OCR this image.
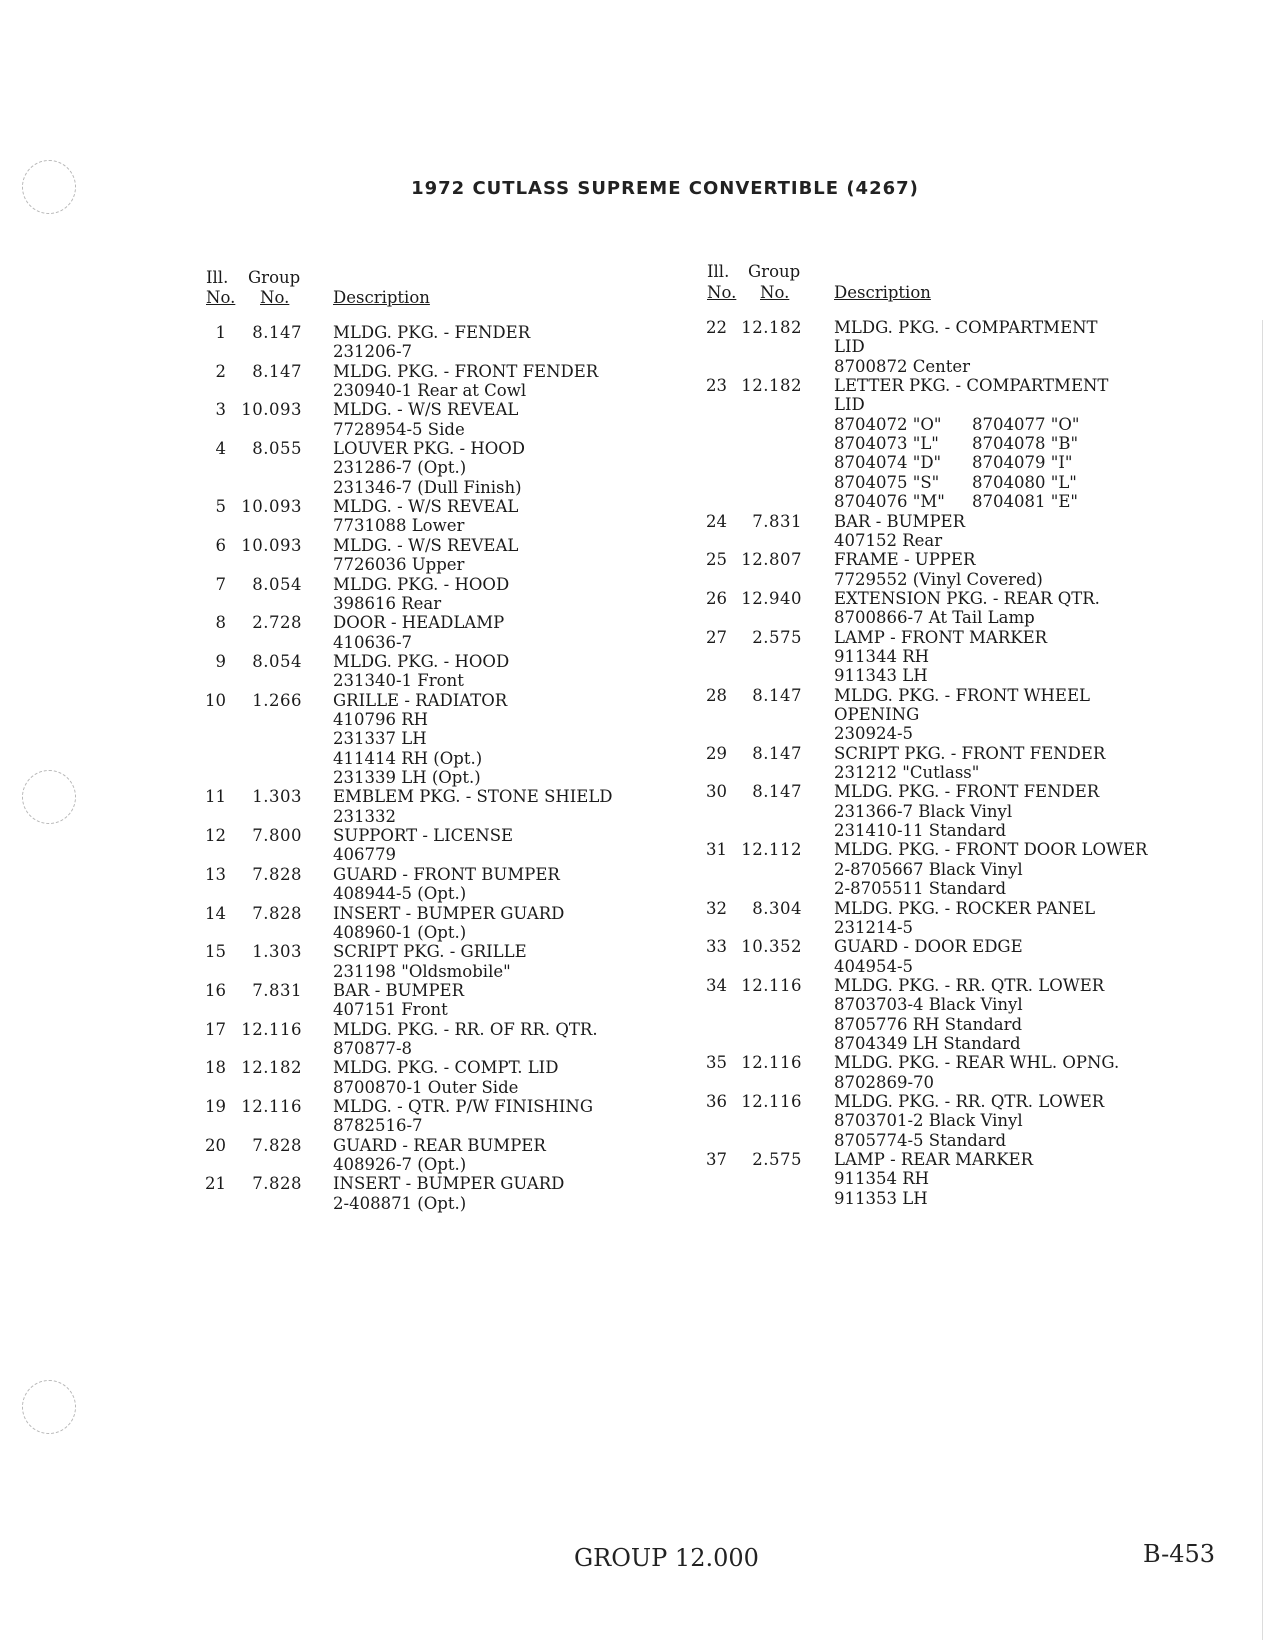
1972 CUTLASS SUPREME CONVERTIBLE (4267)
Ill.
No.
Group
No.	Description
Ill.
No.
Group
No.	Description
1	8.147 MLDG. PKG. - FENDER
231206-7
2	8.147 MLDG. PKG. - FRONT FENDER
230940-1 Rear at Cowl
3 10.093 MLDG. - W/S REVEAL
7728954-5 Side
4	8.055 LOUVER PKG. - HOOD
231286-7 (Opt.)
231346-7 (Dull Finish)
5 10.093 MLDG. - W/S REVEAL
7731088 Lower
6 10.093 MLDG. - W/S REVEAL
7726036 Upper
7	8.054 MLDG. PKG. - HOOD
398616 Rear
8	2.728 DOOR - HEADLAMP
410636-7
9	8.054 MLDG. PKG. - HOOD
231340-1 Front
10	1.266 GRILLE - RADIATOR
410796 RH
231337 LH
411414 RH (Opt.)
231339 LH (Opt.)
11	1.303 EMBLEM PKG. - STONE SHIELD
231332
12	7.800 SUPPORT - LICENSE
406779
13	7.828 GUARD - FRONT BUMPER
408944-5 (Opt.)
14	7.828 INSERT - BUMPER GUARD
408960-1 (Opt.)
15	1.303 SCRIPT PKG. - GRILLE
231198 "Oldsmobile"
16	7.831 BAR - BUMPER
407151 Front
17 12.116 MLDG. PKG. - RR. OF RR. QTR.
870877-8
18 12.182 MLDG. PKG. - COMPT. LID
8700870-1 Outer Side
19 12.116 MLDG. - QTR. P/W FINISHING
8782516-7
20	7.828 GUARD - REAR BUMPER
408926-7 (Opt.)
21	7.828 INSERT - BUMPER GUARD
2-408871 (Opt.)
22 12.182 MLDG. PKG. - COMPARTMENT
LID
8700872 Center
23 12.182 LETTER PKG. - COMPARTMENT
LID
8704072 "O" 8704077 "O"
8704073 "L" 8704078 "B"
8704074 "D" 8704079 "I"
8704075 "S" 8704080 "L"
8704076 "M" 8704081 "E"
24	7.831 BAR - BUMPER
407152 Rear
25 12.807 FRAME - UPPER
7729552 (Vinyl Covered)
26 12.940 EXTENSION PKG. - REAR QTR.
8700866-7 At Tail Lamp
27	2.575 LAMP - FRONT MARKER
911344 RH
911343 LH
28	8.147 MLDG. PKG. - FRONT WHEEL
OPENING
230924-5
29	8.147 SCRIPT PKG. - FRONT FENDER
231212 "Cutlass"
30	8.147 MLDG. PKG. - FRONT FENDER
231366-7 Black Vinyl
231410-11 Standard
31 12.112 MLDG. PKG. - FRONT DOOR LOWER
2-8705667 Black Vinyl
2-8705511 Standard
32	8.304 MLDG. PKG. - ROCKER PANEL
231214-5
33 10.352 GUARD - DOOR EDGE
404954-5
34 12.116 MLDG. PKG. - RR. QTR. LOWER
8703703-4 Black Vinyl
8705776 RH Standard
8704349 LH Standard
35 12.116 MLDG. PKG. - REAR WHL. OPNG.
8702869-70
36 12.116 MLDG. PKG. - RR. QTR. LOWER
8703701-2 Black Vinyl
8705774-5 Standard
37	2.575 LAMP - REAR MARKER
911354 RH
911353 LH
GROUP 12.000	B-453
